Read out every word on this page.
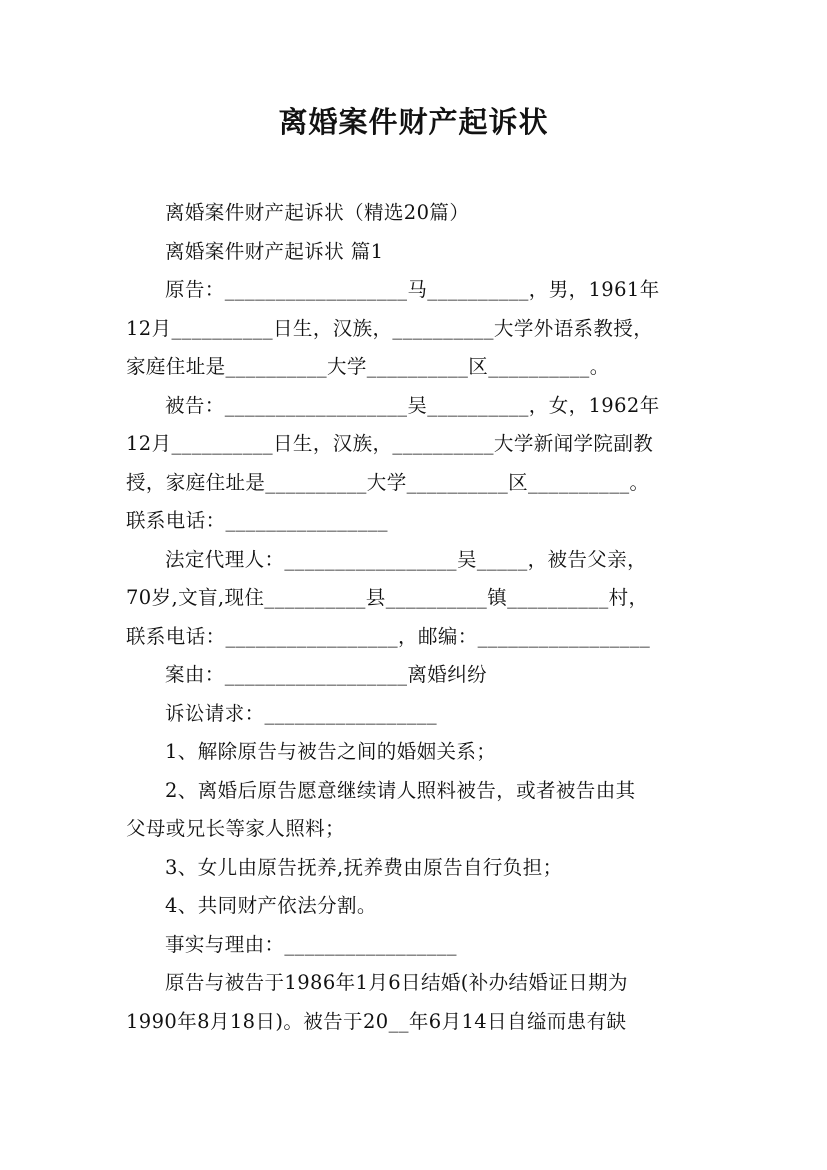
离婚案件财产起诉状

离婚案件财产起诉状（精选20篇）

离婚案件财产起诉状 篇1

原告：__________________马__________，男，1961年

12月__________日生，汉族，__________大学外语系教授，

家庭住址是__________大学__________区__________。

被告：__________________吴__________，女，1962年

12月__________日生，汉族，__________大学新闻学院副教

授，家庭住址是__________大学__________区__________。

联系电话：________________

法定代理人：_________________吴_____，被告父亲，

70岁,文盲,现住__________县__________镇__________村，

联系电话：_________________，邮编：_________________

案由：__________________离婚纠纷

诉讼请求：_________________

1、解除原告与被告之间的婚姻关系；

2、离婚后原告愿意继续请人照料被告，或者被告由其

父母或兄长等家人照料；

3、女儿由原告抚养,抚养费由原告自行负担；

4、共同财产依法分割。

事实与理由：_________________

原告与被告于1986年1月6日结婚(补办结婚证日期为

1990年8月18日)。被告于20__年6月14日自缢而患有缺
